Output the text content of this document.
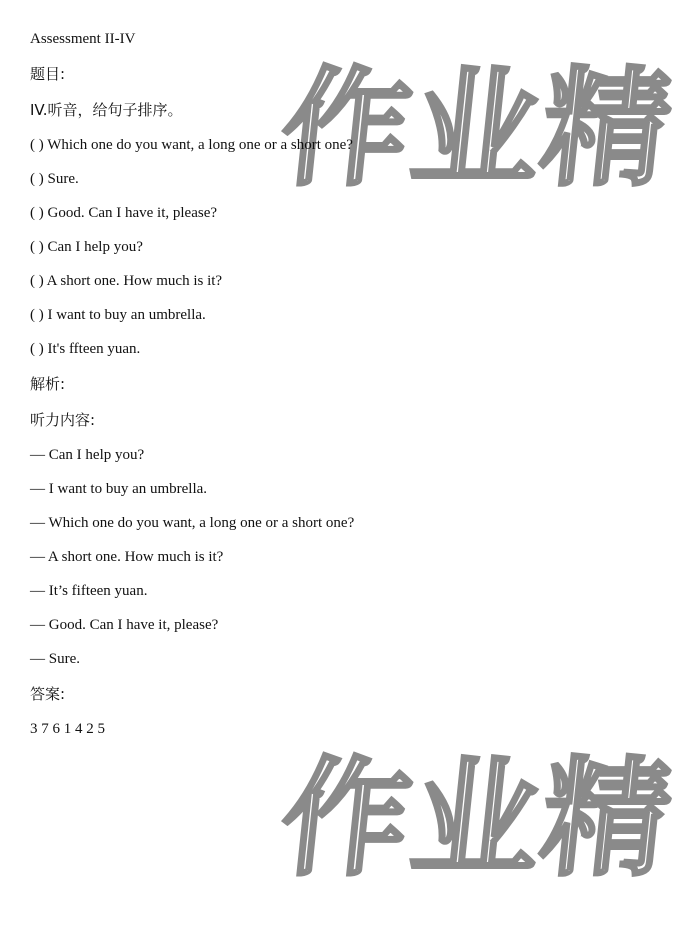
作业精
作业精
Assessment II-IV
题目:
IV.听音，给句子排序。
( ) Which one do you want, a long one or a short one?
( ) Sure.
( ) Good. Can I have it, please?
( ) Can I help you?
( ) A short one. How much is it?
( ) I want to buy an umbrella.
( ) It's ffteen yuan.
解析:
听力内容:
— Can I help you?
— I want to buy an umbrella.
— Which one do you want, a long one or a short one?
— A short one. How much is it?
— It’s fifteen yuan.
— Good. Can I have it, please?
— Sure.
答案:
3 7 6 1 4 2 5
